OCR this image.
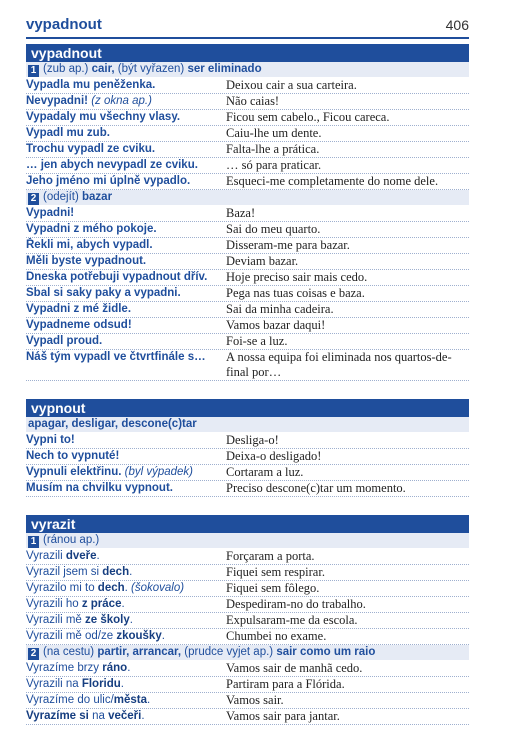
vypadnout	406
vypadnout
1 (zub ap.) cair, (být vyřazen) ser eliminado
Vypadla mu peněženka.	Deixou cair a sua carteira.
Nevypadni! (z okna ap.)	Não caias!
Vypadaly mu všechny vlasy.	Ficou sem cabelo., Ficou careca.
Vypadl mu zub.	Caiu-lhe um dente.
Trochu vypadl ze cviku.	Falta-lhe a prática.
… jen abych nevypadl ze cviku.	… só para praticar.
Jeho jméno mi úplně vypadlo.	Esqueci-me completamente do nome dele.
2 (odejít) bazar
Vypadni!	Baza!
Vypadni z mého pokoje.	Sai do meu quarto.
Řekli mi, abych vypadl.	Disseram-me para bazar.
Měli byste vypadnout.	Deviam bazar.
Dneska potřebuji vypadnout dřív.	Hoje preciso sair mais cedo.
Sbal si saky paky a vypadni.	Pega nas tuas coisas e baza.
Vypadni z mé židle.	Sai da minha cadeira.
Vypadneme odsud!	Vamos bazar daqui!
Vypadl proud.	Foi-se a luz.
Náš tým vypadl ve čtvrtfinále s…	A nossa equipa foi eliminada nos quartos-de-final por…
vypnout
apagar, desligar, descone(c)tar
Vypni to!	Desliga-o!
Nech to vypnuté!	Deixa-o desligado!
Vypnuli elektřinu. (byl výpadek)	Cortaram a luz.
Musím na chvilku vypnout.	Preciso descone(c)tar um momento.
vyrazit
1 (ránou ap.)
Vyrazili dveře.	Forçaram a porta.
Vyrazil jsem si dech.	Fiquei sem respirar.
Vyrazilo mi to dech. (šokovalo)	Fiquei sem fôlego.
Vyrazili ho z práce.	Despediram-no do trabalho.
Vyrazili mě ze školy.	Expulsaram-me da escola.
Vyrazili mě od/ze zkoušky.	Chumbei no exame.
2 (na cestu) partir, arrancar, (prudce vyjet ap.) sair como um raio
Vyrazíme brzy ráno.	Vamos sair de manhã cedo.
Vyrazili na Floridu.	Partiram para a Flórida.
Vyrazíme do ulic/města.	Vamos sair.
Vyrazíme si na večeři.	Vamos sair para jantar.
